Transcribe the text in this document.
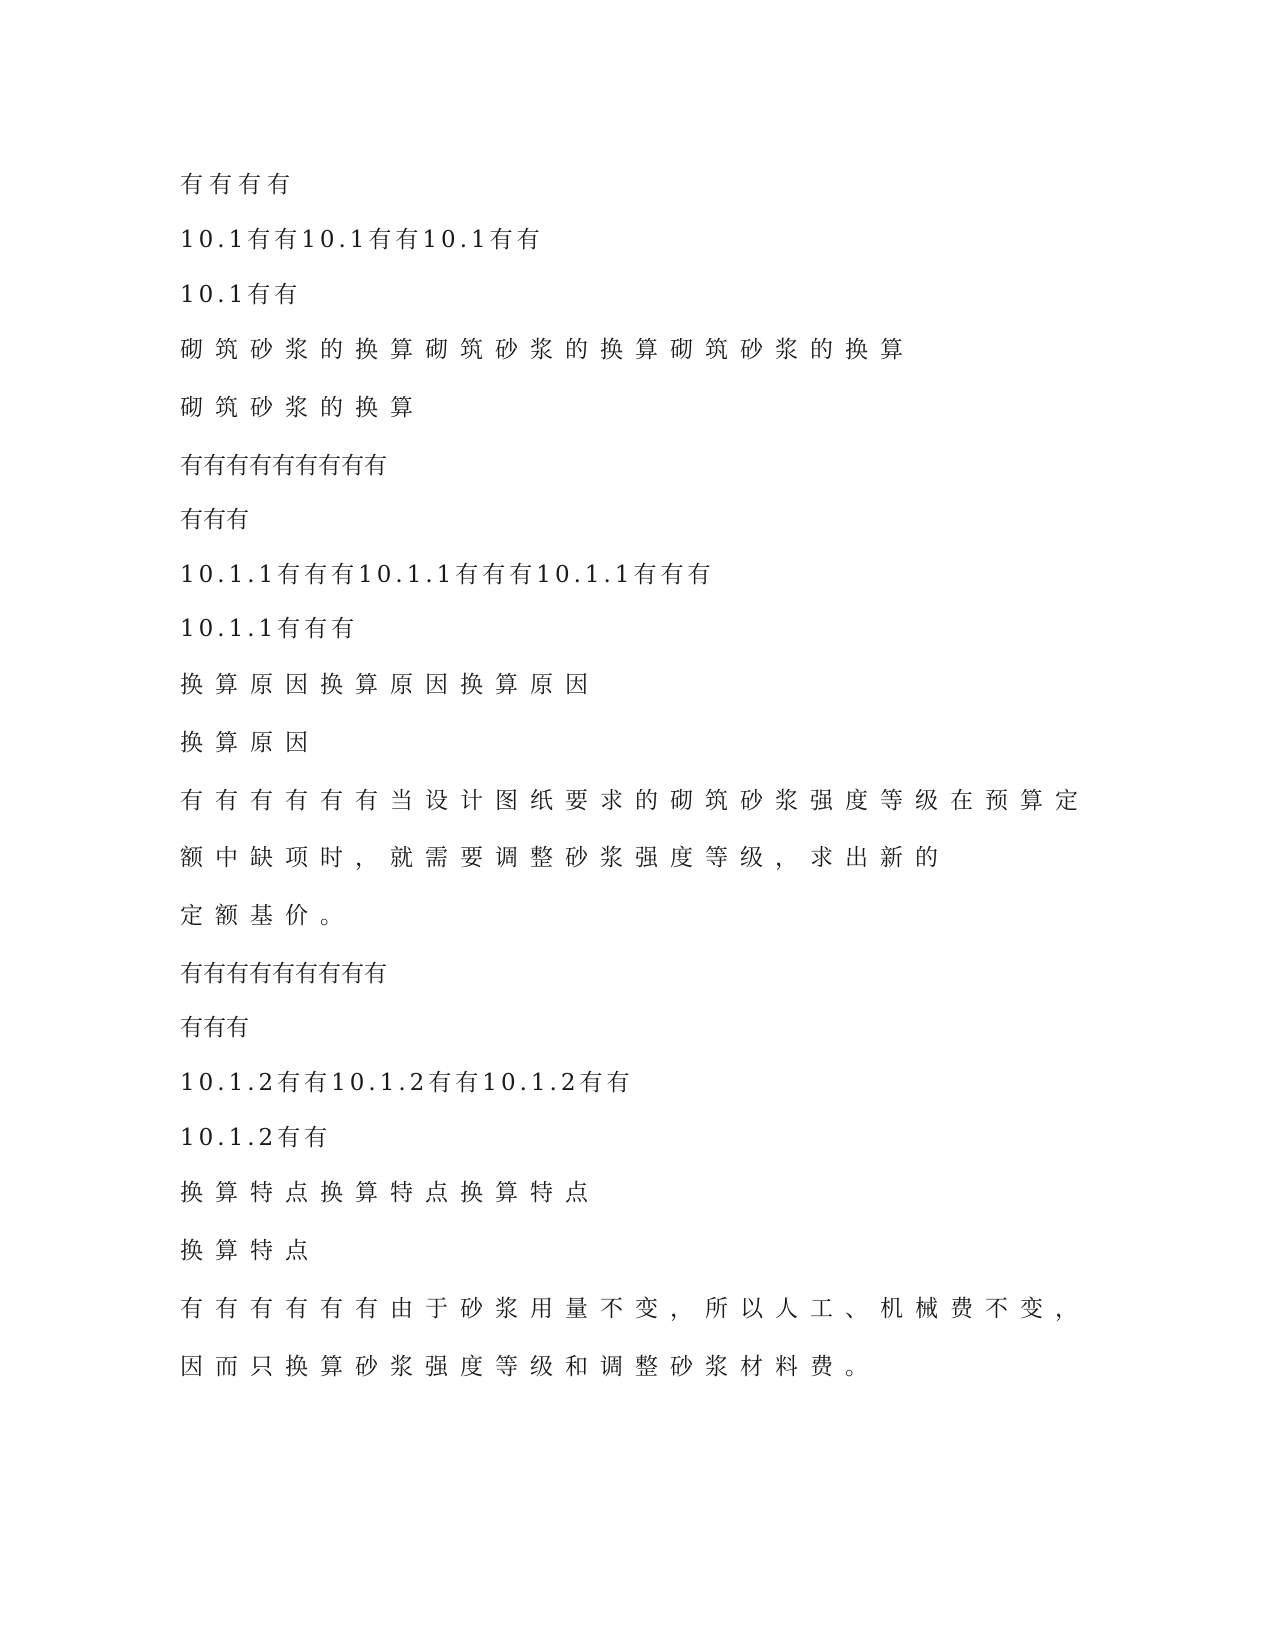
有有有有
10.1有有10.1有有10.1有有
10.1有有
砌筑砂浆的换算砌筑砂浆的换算砌筑砂浆的换算
砌筑砂浆的换算
有有有有有有有有有
有有有
10.1.1有有有10.1.1有有有10.1.1有有有
10.1.1有有有
换算原因换算原因换算原因
换算原因
有有有有有有当设计图纸要求的砌筑砂浆强度等级在预算定
额中缺项时，就需要调整砂浆强度等级，求出新的
定额基价。
有有有有有有有有有
有有有
10.1.2有有10.1.2有有10.1.2有有
10.1.2有有
换算特点换算特点换算特点
换算特点
有有有有有有由于砂浆用量不变，所以人工、机械费不变，
因而只换算砂浆强度等级和调整砂浆材料费。
